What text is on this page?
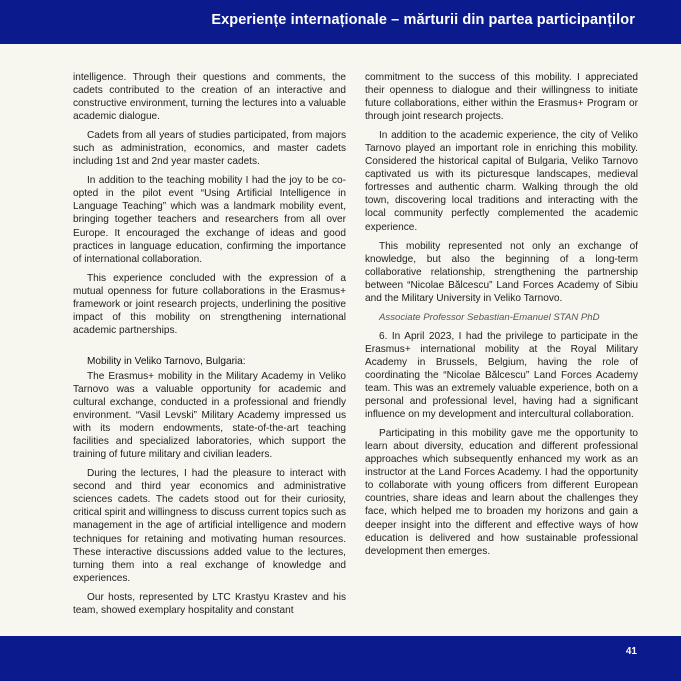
Experiențe internaționale – mărturii din partea participanților

intelligence. Through their questions and comments, the cadets contributed to the creation of an interactive and constructive environment, turning the lectures into a valuable academic dialogue.

Cadets from all years of studies participated, from majors such as administration, economics, and master cadets including 1st and 2nd year master cadets.

In addition to the teaching mobility I had the joy to be co-opted in the pilot event “Using Artificial Intelligence in Language Teaching” which was a landmark mobility event, bringing together teachers and researchers from all over Europe. It encouraged the exchange of ideas and good practices in language education, confirming the importance of international collaboration.

This experience concluded with the expression of a mutual openness for future collaborations in the Erasmus+ framework or joint research projects, underlining the positive impact of this mobility on strengthening international academic partnerships.

Mobility in Veliko Tarnovo, Bulgaria:

The Erasmus+ mobility in the Military Academy in Veliko Tarnovo was a valuable opportunity for academic and cultural exchange, conducted in a professional and friendly environment. “Vasil Levski” Military Academy impressed us with its modern endowments, state-of-the-art teaching facilities and specialized laboratories, which support the training of future military and civilian leaders.

During the lectures, I had the pleasure to interact with second and third year economics and administrative sciences cadets. The cadets stood out for their curiosity, critical spirit and willingness to discuss current topics such as management in the age of artificial intelligence and modern techniques for retaining and motivating human resources. These interactive discussions added value to the lectures, turning them into a real exchange of knowledge and experiences.

Our hosts, represented by LTC Krastyu Krastev and his team, showed exemplary hospitality and constant

commitment to the success of this mobility. I appreciated their openness to dialogue and their willingness to initiate future collaborations, either within the Erasmus+ Program or through joint research projects.

In addition to the academic experience, the city of Veliko Tarnovo played an important role in enriching this mobility. Considered the historical capital of Bulgaria, Veliko Tarnovo captivated us with its picturesque landscapes, medieval fortresses and authentic charm. Walking through the old town, discovering local traditions and interacting with the local community perfectly complemented the academic experience.

This mobility represented not only an exchange of knowledge, but also the beginning of a long-term collaborative relationship, strengthening the partnership between “Nicolae Bălcescu” Land Forces Academy of Sibiu and the Military University in Veliko Tarnovo.

Associate Professor Sebastian-Emanuel STAN PhD

6. In April 2023, I had the privilege to participate in the Erasmus+ international mobility at the Royal Military Academy in Brussels, Belgium, having the role of coordinating the “Nicolae Bălcescu” Land Forces Academy team. This was an extremely valuable experience, both on a personal and professional level, having had a significant influence on my development and intercultural collaboration.

Participating in this mobility gave me the opportunity to learn about diversity, education and different professional approaches which subsequently enhanced my work as an instructor at the Land Forces Academy. I had the opportunity to collaborate with young officers from different European countries, share ideas and learn about the challenges they face, which helped me to broaden my horizons and gain a deeper insight into the different and effective ways of how education is delivered and how sustainable professional development then emerges.

41
